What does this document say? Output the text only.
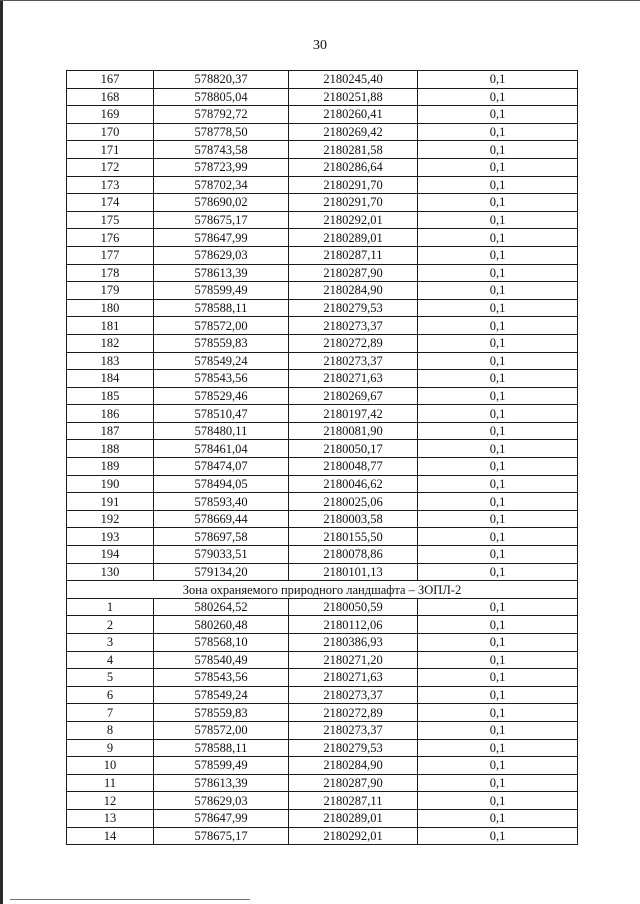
30
167	578820,37	2180245,40	0,1
168	578805,04	2180251,88	0,1
169	578792,72	2180260,41	0,1
170	578778,50	2180269,42	0,1
171	578743,58	2180281,58	0,1
172	578723,99	2180286,64	0,1
173	578702,34	2180291,70	0,1
174	578690,02	2180291,70	0,1
175	578675,17	2180292,01	0,1
176	578647,99	2180289,01	0,1
177	578629,03	2180287,11	0,1
178	578613,39	2180287,90	0,1
179	578599,49	2180284,90	0,1
180	578588,11	2180279,53	0,1
181	578572,00	2180273,37	0,1
182	578559,83	2180272,89	0,1
183	578549,24	2180273,37	0,1
184	578543,56	2180271,63	0,1
185	578529,46	2180269,67	0,1
186	578510,47	2180197,42	0,1
187	578480,11	2180081,90	0,1
188	578461,04	2180050,17	0,1
189	578474,07	2180048,77	0,1
190	578494,05	2180046,62	0,1
191	578593,40	2180025,06	0,1
192	578669,44	2180003,58	0,1
193	578697,58	2180155,50	0,1
194	579033,51	2180078,86	0,1
130	579134,20	2180101,13	0,1
Зона охраняемого природного ландшафта – ЗОПЛ-2			
1	580264,52	2180050,59	0,1
2	580260,48	2180112,06	0,1
3	578568,10	2180386,93	0,1
4	578540,49	2180271,20	0,1
5	578543,56	2180271,63	0,1
6	578549,24	2180273,37	0,1
7	578559,83	2180272,89	0,1
8	578572,00	2180273,37	0,1
9	578588,11	2180279,53	0,1
10	578599,49	2180284,90	0,1
11	578613,39	2180287,90	0,1
12	578629,03	2180287,11	0,1
13	578647,99	2180289,01	0,1
14	578675,17	2180292,01	0,1
